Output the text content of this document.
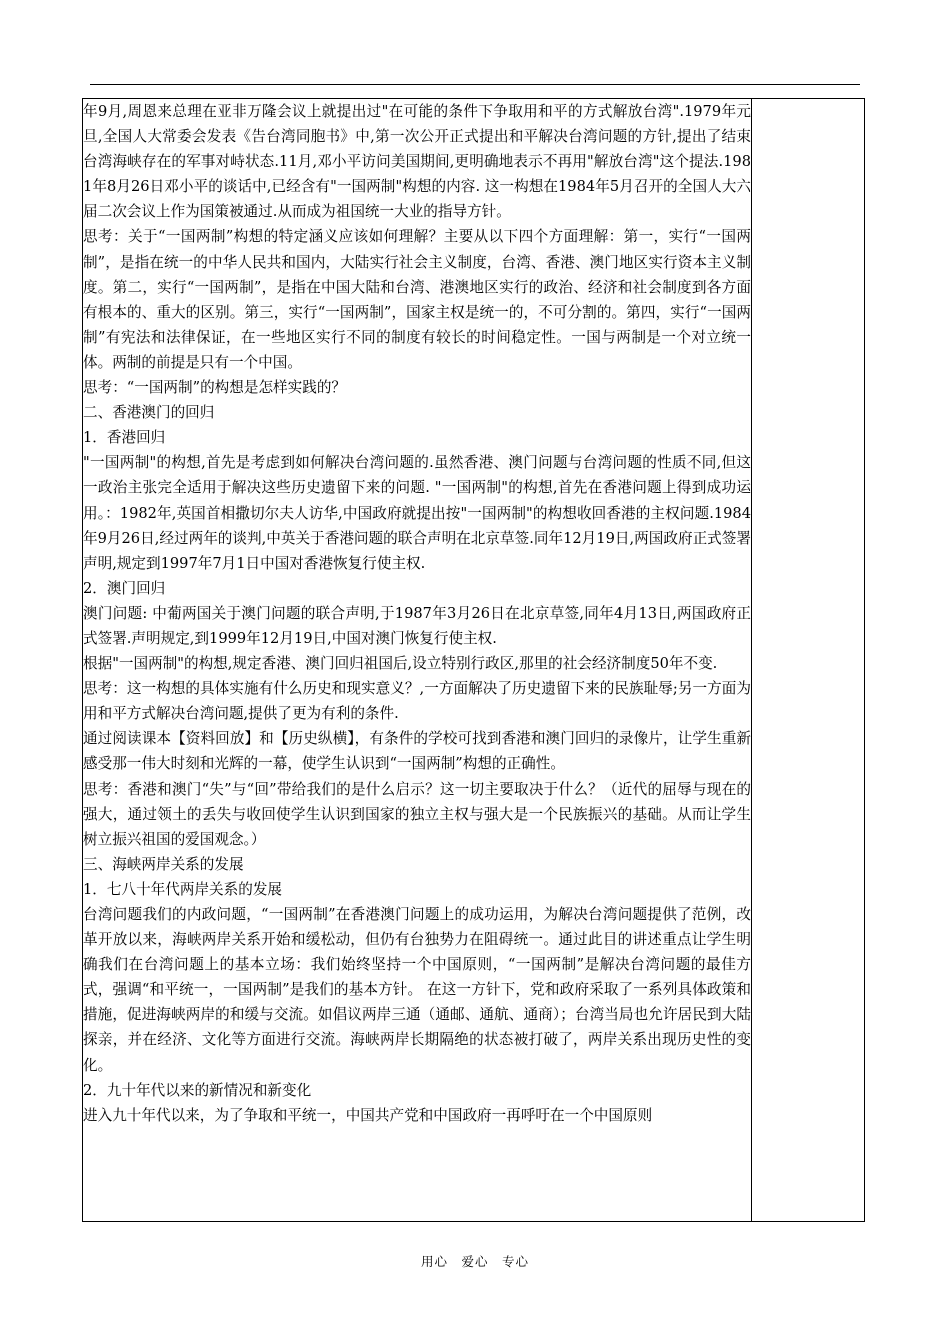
年9月,周恩来总理在亚非万隆会议上就提出过"在可能的条件下争取用和平的方式解放台湾".1979年元旦,全国人大常委会发表《告台湾同胞书》中,第一次公开正式提出和平解决台湾问题的方针,提出了结束台湾海峡存在的军事对峙状态.11月,邓小平访问美国期间,更明确地表示不再用"解放台湾"这个提法.1981年8月26日邓小平的谈话中,已经含有"一国两制"构想的内容. 这一构想在1984年5月召开的全国人大六届二次会议上作为国策被通过.从而成为祖国统一大业的指导方针。

思考：关于“一国两制”构想的特定涵义应该如何理解？主要从以下四个方面理解：第一，实行“一国两制”，是指在统一的中华人民共和国内，大陆实行社会主义制度，台湾、香港、澳门地区实行资本主义制度。第二，实行“一国两制”，是指在中国大陆和台湾、港澳地区实行的政治、经济和社会制度到各方面有根本的、重大的区别。第三，实行“一国两制”，国家主权是统一的，不可分割的。第四，实行“一国两制”有宪法和法律保证，在一些地区实行不同的制度有较长的时间稳定性。一国与两制是一个对立统一体。两制的前提是只有一个中国。

思考：“一国两制”的构想是怎样实践的？

二、香港澳门的回归

1．香港回归

"一国两制"的构想,首先是考虑到如何解决台湾问题的.虽然香港、澳门问题与台湾问题的性质不同,但这一政治主张完全适用于解决这些历史遗留下来的问题. "一国两制"的构想,首先在香港问题上得到成功运用。：1982年,英国首相撒切尔夫人访华,中国政府就提出按"一国两制"的构想收回香港的主权问题.1984年9月26日,经过两年的谈判,中英关于香港问题的联合声明在北京草签.同年12月19日,两国政府正式签署声明,规定到1997年7月1日中国对香港恢复行使主权.

2．澳门回归

澳门问题: 中葡两国关于澳门问题的联合声明,于1987年3月26日在北京草签,同年4月13日,两国政府正式签署.声明规定,到1999年12月19日,中国对澳门恢复行使主权.

根据"一国两制"的构想,规定香港、澳门回归祖国后,设立特别行政区,那里的社会经济制度50年不变.

思考：这一构想的具体实施有什么历史和现实意义？,一方面解决了历史遗留下来的民族耻辱;另一方面为用和平方式解决台湾问题,提供了更为有利的条件.

通过阅读课本【资料回放】和【历史纵横】，有条件的学校可找到香港和澳门回归的录像片，让学生重新感受那一伟大时刻和光辉的一幕，使学生认识到“一国两制”构想的正确性。

思考：香港和澳门“失”与“回”带给我们的是什么启示？这一切主要取决于什么？（近代的屈辱与现在的强大，通过领土的丢失与收回使学生认识到国家的独立主权与强大是一个民族振兴的基础。从而让学生树立振兴祖国的爱国观念。）

三、海峡两岸关系的发展

1．七八十年代两岸关系的发展

台湾问题我们的内政问题，“一国两制”在香港澳门问题上的成功运用，为解决台湾问题提供了范例，改革开放以来，海峡两岸关系开始和缓松动，但仍有台独势力在阻碍统一。通过此目的讲述重点让学生明确我们在台湾问题上的基本立场：我们始终坚持一个中国原则，“一国两制”是解决台湾问题的最佳方式，强调“和平统一，一国两制”是我们的基本方针。 在这一方针下，党和政府采取了一系列具体政策和措施，促进海峡两岸的和缓与交流。如倡议两岸三通（通邮、通航、通商）；台湾当局也允许居民到大陆探亲，并在经济、文化等方面进行交流。海峡两岸长期隔绝的状态被打破了，两岸关系出现历史性的变化。

2．九十年代以来的新情况和新变化

进入九十年代以来，为了争取和平统一，中国共产党和中国政府一再呼吁在一个中国原则

用心　爱心　专心
